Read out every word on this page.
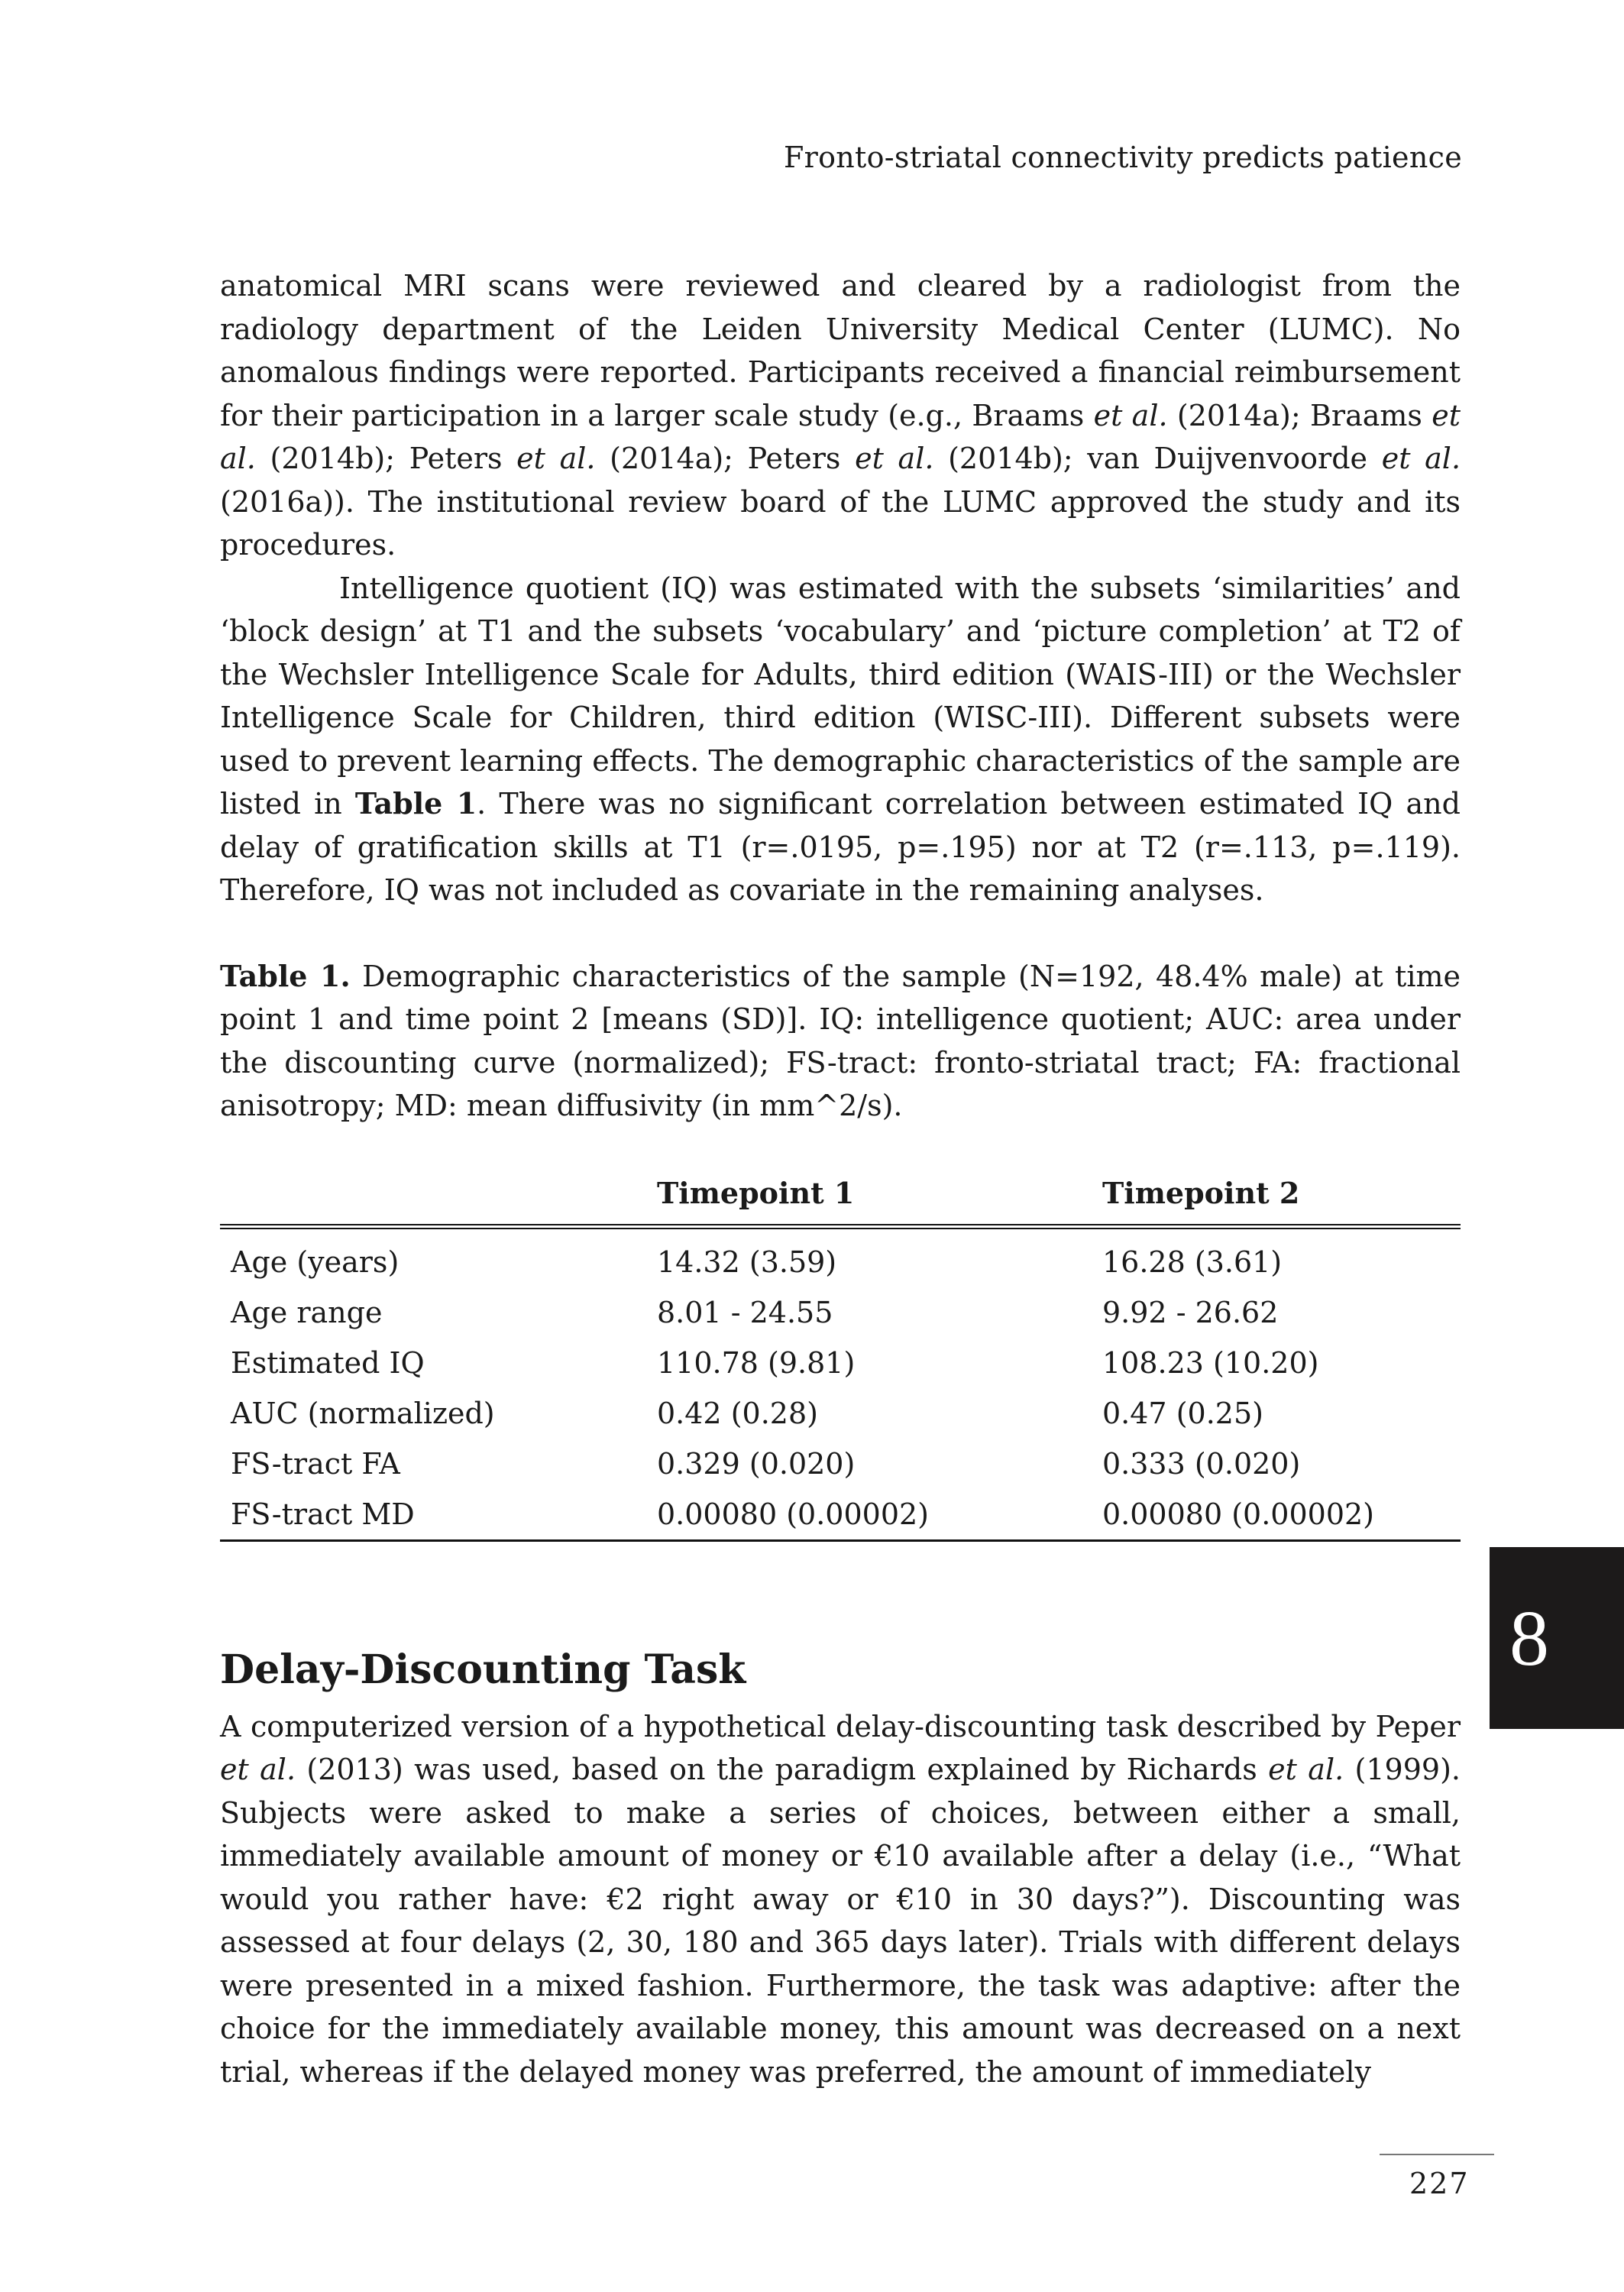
Fronto-striatal connectivity predicts patience

anatomical MRI scans were reviewed and cleared by a radiologist from the radiology department of the Leiden University Medical Center (LUMC). No anomalous findings were reported. Participants received a financial reimbursement for their participation in a larger scale study (e.g., Braams et al. (2014a); Braams et al. (2014b); Peters et al. (2014a); Peters et al. (2014b); van Duijvenvoorde et al. (2016a)). The institutional review board of the LUMC approved the study and its procedures.

Intelligence quotient (IQ) was estimated with the subsets ‘similarities’ and ‘block design’ at T1 and the subsets ‘vocabulary’ and ‘picture completion’ at T2 of the Wechsler Intelligence Scale for Adults, third edition (WAIS-III) or the Wechsler Intelligence Scale for Children, third edition (WISC-III). Different subsets were used to prevent learning effects. The demographic characteristics of the sample are listed in Table 1. There was no significant correlation between estimated IQ and delay of gratification skills at T1 (r=.0195, p=.195) nor at T2 (r=.113, p=.119). Therefore, IQ was not included as covariate in the remaining analyses.

Table 1. Demographic characteristics of the sample (N=192, 48.4% male) at time point 1 and time point 2 [means (SD)]. IQ: intelligence quotient; AUC: area under the discounting curve (normalized); FS-tract: fronto-striatal tract; FA: fractional anisotropy; MD: mean diffusivity (in mm^2/s).

	Timepoint 1	Timepoint 2
Age (years)	14.32 (3.59)	16.28 (3.61)
Age range	8.01 - 24.55	9.92 - 26.62
Estimated IQ	110.78 (9.81)	108.23 (10.20)
AUC (normalized)	0.42 (0.28)	0.47 (0.25)
FS-tract FA	0.329 (0.020)	0.333 (0.020)
FS-tract MD	0.00080 (0.00002)	0.00080 (0.00002)
Delay-Discounting Task

A computerized version of a hypothetical delay-discounting task described by Peper et al. (2013) was used, based on the paradigm explained by Richards et al. (1999). Subjects were asked to make a series of choices, between either a small, immediately available amount of money or €10 available after a delay (i.e., “What would you rather have: €2 right away or €10 in 30 days?”). Discounting was assessed at four delays (2, 30, 180 and 365 days later). Trials with different delays were presented in a mixed fashion. Furthermore, the task was adaptive: after the choice for the immediately available money, this amount was decreased on a next trial, whereas if the delayed money was preferred, the amount of immediately

8
227
